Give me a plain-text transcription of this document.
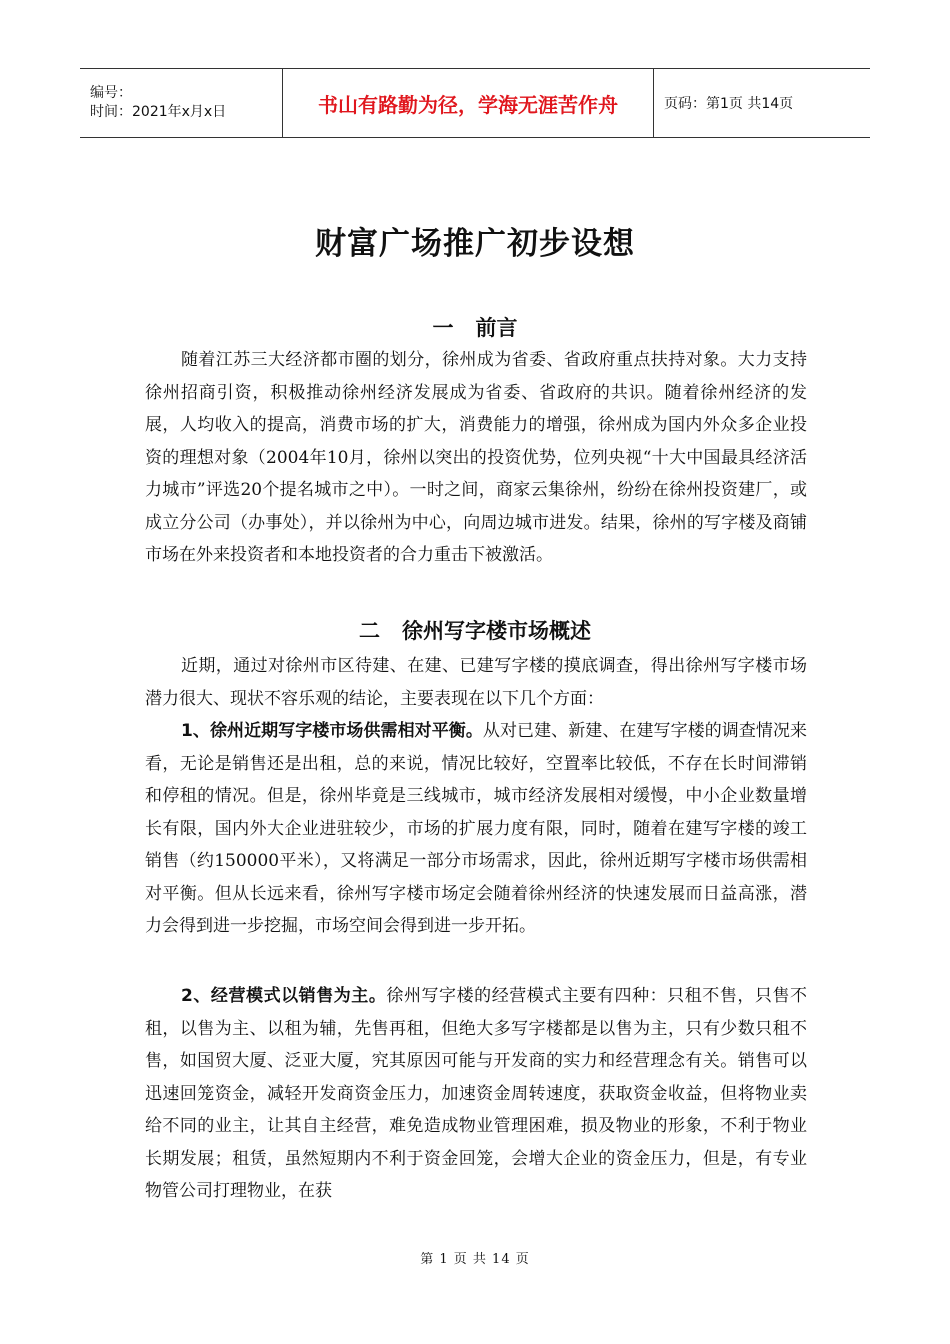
编号：
时间：2021年x月x日	书山有路勤为径，学海无涯苦作舟	页码：第1页 共14页
财富广场推广初步设想
一 前言

随着江苏三大经济都市圈的划分，徐州成为省委、省政府重点扶持对象。大力支持徐州招商引资，积极推动徐州经济发展成为省委、省政府的共识。随着徐州经济的发展，人均收入的提高，消费市场的扩大，消费能力的增强，徐州成为国内外众多企业投资的理想对象（2004年10月，徐州以突出的投资优势，位列央视“十大中国最具经济活力城市”评选20个提名城市之中）。一时之间，商家云集徐州，纷纷在徐州投资建厂，或成立分公司（办事处），并以徐州为中心，向周边城市进发。结果，徐州的写字楼及商铺市场在外来投资者和本地投资者的合力重击下被激活。

二 徐州写字楼市场概述

近期，通过对徐州市区待建、在建、已建写字楼的摸底调查，得出徐州写字楼市场潜力很大、现状不容乐观的结论，主要表现在以下几个方面：

1、徐州近期写字楼市场供需相对平衡。从对已建、新建、在建写字楼的调查情况来看，无论是销售还是出租，总的来说，情况比较好，空置率比较低，不存在长时间滞销和停租的情况。但是，徐州毕竟是三线城市，城市经济发展相对缓慢，中小企业数量增长有限，国内外大企业进驻较少，市场的扩展力度有限，同时，随着在建写字楼的竣工销售（约150000平米），又将满足一部分市场需求，因此，徐州近期写字楼市场供需相对平衡。但从长远来看，徐州写字楼市场定会随着徐州经济的快速发展而日益高涨，潜力会得到进一步挖掘，市场空间会得到进一步开拓。

2、经营模式以销售为主。徐州写字楼的经营模式主要有四种：只租不售，只售不租，以售为主、以租为辅，先售再租，但绝大多写字楼都是以售为主，只有少数只租不售，如国贸大厦、泛亚大厦，究其原因可能与开发商的实力和经营理念有关。销售可以迅速回笼资金，减轻开发商资金压力，加速资金周转速度，获取资金收益，但将物业卖给不同的业主，让其自主经营，难免造成物业管理困难，损及物业的形象，不利于物业长期发展；租赁，虽然短期内不利于资金回笼，会增大企业的资金压力，但是，有专业物管公司打理物业，在获

第 1 页 共 14 页
